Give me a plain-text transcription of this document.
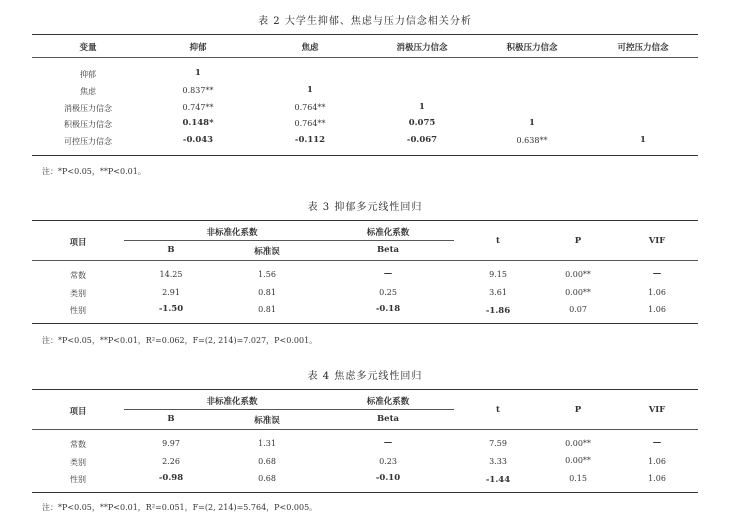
表 2 大学生抑郁、焦虑与压力信念相关分析
变量	抑郁	焦虑	消极压力信念	积极压力信念	可控压力信念
抑郁	1
焦虑	0.837**	1
消极压力信念	0.747**	0.764**	1
积极压力信念	0.148*	0.764**	0.075	1
可控压力信念	-0.043	-0.112	-0.067	0.638**	1
注：*P<0.05，**P<0.01。
表 3 抑郁多元线性回归
项目
非标准化系数	标准化系数
B	标准误	Beta
t	P	VIF
常数	14.25	1.56	—	9.15	0.00**	—
类别	2.91	0.81	0.25	3.61	0.00**	1.06
性别	-1.50	0.81	-0.18	-1.86	0.07	1.06
注：*P<0.05，**P<0.01，R²=0.062，F=(2, 214)=7.027，P<0.001。
表 4 焦虑多元线性回归
项目
非标准化系数	标准化系数
B	标准误	Beta
t	P	VIF
常数	9.97	1.31	—	7.59	0.00**	—
类别	2.26	0.68	0.23	3.33	0.00**	1.06
性别	-0.98	0.68	-0.10	-1.44	0.15	1.06
注：*P<0.05，**P<0.01，R²=0.051，F=(2, 214)=5.764，P<0.005。
